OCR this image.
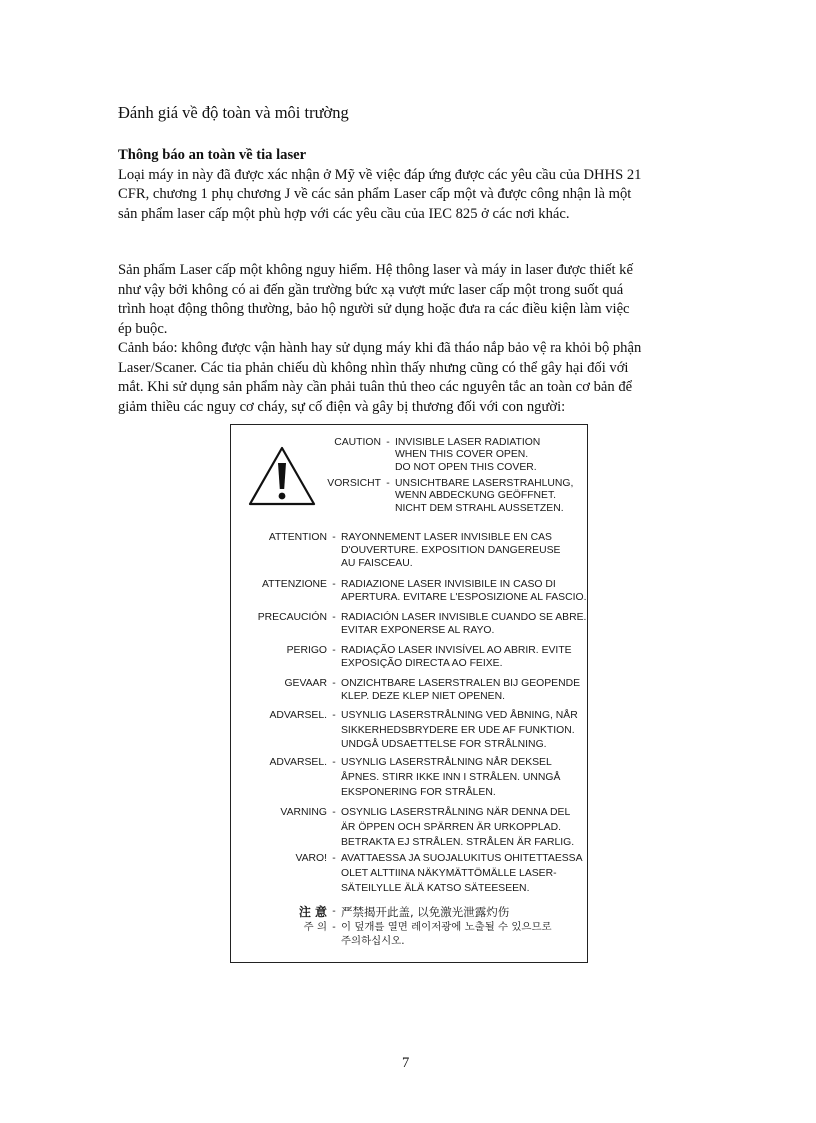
Đánh giá về độ toàn và môi trường
Thông báo an toàn về tia laser

Loại máy in này đã được xác nhận ở Mỹ về việc đáp ứng được các yêu cầu của DHHS 21

CFR, chương 1 phụ chương J về các sản phẩm Laser cấp một và được công nhận là một

sản phẩm laser cấp một phù hợp với các yêu cầu của IEC 825 ở các nơi khác.

Sản phẩm Laser cấp một không nguy hiểm. Hệ thông laser và máy in laser được thiết kế

như vậy bởi không có ai đến gần trường bức xạ vượt mức laser cấp một trong suốt quá

trình hoạt động thông thường, bảo hộ người sử dụng hoặc đưa ra các điều kiện làm việc

ép buộc.

Cảnh báo: không được vận hành hay sử dụng máy khi đã tháo nắp bảo vệ ra khỏi bộ phận

Laser/Scaner. Các tia phản chiếu dù không nhìn thấy nhưng cũng có thể gây hại đối với

mắt. Khi sử dụng sản phẩm này cần phải tuân thủ theo các nguyên tắc an toàn cơ bản để

giảm thiều các nguy cơ cháy, sự cố điện và gây bị thương đối với con người:

CAUTION - INVISIBLE LASER RADIATION
WHEN THIS COVER OPEN.
DO NOT OPEN THIS COVER.
VORSICHT - UNSICHTBARE LASERSTRAHLUNG,
WENN ABDECKUNG GEÖFFNET.
NICHT DEM STRAHL AUSSETZEN.
ATTENTION - RAYONNEMENT LASER INVISIBLE EN CAS
D'OUVERTURE. EXPOSITION DANGEREUSE
AU FAISCEAU.
ATTENZIONE - RADIAZIONE LASER INVISIBILE IN CASO DI
APERTURA. EVITARE L'ESPOSIZIONE AL FASCIO.
PRECAUCIÓN - RADIACIÓN LASER INVISIBLE CUANDO SE ABRE.
EVITAR EXPONERSE AL RAYO.
PERIGO - RADIAÇÃO LASER INVISÍVEL AO ABRIR. EVITE
EXPOSIÇÃO DIRECTA AO FEIXE.
GEVAAR - ONZICHTBARE LASERSTRALEN BIJ GEOPENDE
KLEP. DEZE KLEP NIET OPENEN.
ADVARSEL. - USYNLIG LASERSTRÅLNING VED ÅBNING, NÅR
SIKKERHEDSBRYDERE ER UDE AF FUNKTION.
UNDGÅ UDSAETTELSE FOR STRÅLNING.
ADVARSEL. - USYNLIG LASERSTRÅLNING NÅR DEKSEL
ÅPNES. STIRR IKKE INN I STRÅLEN. UNNGÅ
EKSPONERING FOR STRÅLEN.
VARNING - OSYNLIG LASERSTRÅLNING NÄR DENNA DEL
ÄR ÖPPEN OCH SPÄRREN ÄR URKOPPLAD.
BETRAKTA EJ STRÅLEN. STRÅLEN ÄR FARLIG.
VARO! - AVATTAESSA JA SUOJALUKITUS OHITETTAESSA
OLET ALTTIINA NÄKYMÄTTÖMÄLLE LASER-
SÄTEILYLLE ÄLÄ KATSO SÄTEESEEN.
注 意 - 严禁揭开此盖, 以免激光泄露灼伤
주 의 - 이 덮개를 열면 레이저광에 노출될 수 있으므로
주의하십시오.
7
